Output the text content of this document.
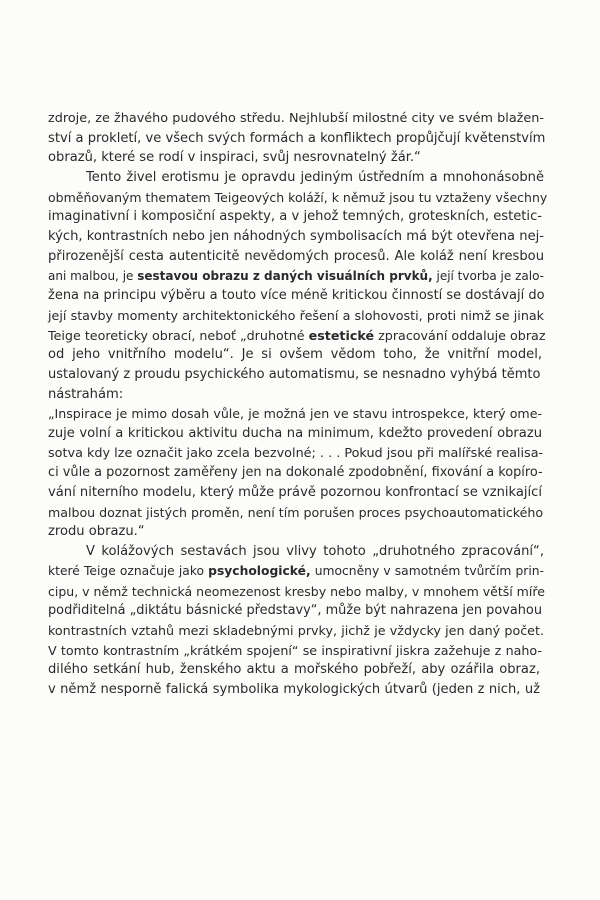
zdroje, ze žhavého pudového středu. Nejhlubší milostné city ve svém blažen-
ství a prokletí, ve všech svých formách a konfliktech propůjčují květenstvím
obrazů, které se rodí v inspiraci, svůj nesrovnatelný žár.“
Tento živel erotismu je opravdu jediným ústředním a mnohonásobně
obměňovaným thematem Teigeových koláží, k němuž jsou tu vztaženy všechny
imaginativní i komposiční aspekty, a v jehož temných, groteskních, estetic-
kých, kontrastních nebo jen náhodných symbolisacích má být otevřena nej-
přirozenější cesta autenticitě nevědomých procesů. Ale koláž není kresbou
ani malbou, je sestavou obrazu z daných visuálních prvků, její tvorba je zalo-
žena na principu výběru a touto více méně kritickou činností se dostávají do
její stavby momenty architektonického řešení a slohovosti, proti nimž se jinak
Teige teoreticky obrací, neboť „druhotné estetické zpracování oddaluje obraz
od jeho vnitřního modelu“. Je si ovšem vědom toho, že vnitřní model,
ustalovaný z proudu psychického automatismu, se nesnadno vyhýbá těmto
nástrahám:
„Inspirace je mimo dosah vůle, je možná jen ve stavu introspekce, který ome-
zuje volní a kritickou aktivitu ducha na minimum, kdežto provedení obrazu
sotva kdy lze označit jako zcela bezvolné; . . . Pokud jsou při malířské realisa-
ci vůle a pozornost zaměřeny jen na dokonalé zpodobnění, fixování a kopíro-
vání niterního modelu, který může právě pozornou konfrontací se vznikající
malbou doznat jistých proměn, není tím porušen proces psychoautomatického
zrodu obrazu.“
V kolážových sestavách jsou vlivy tohoto „druhotného zpracování“,
které Teige označuje jako psychologické, umocněny v samotném tvůrčím prin-
cipu, v němž technická neomezenost kresby nebo malby, v mnohem větší míře
podřiditelná „diktátu básnické představy“, může být nahrazena jen povahou
kontrastních vztahů mezi skladebnými prvky, jichž je vždycky jen daný počet.
V tomto kontrastním „krátkém spojení“ se inspirativní jiskra zažehuje z naho-
dilého setkání hub, ženského aktu a mořského pobřeží, aby ozářila obraz,
v němž nesporně falická symbolika mykologických útvarů (jeden z nich, už
